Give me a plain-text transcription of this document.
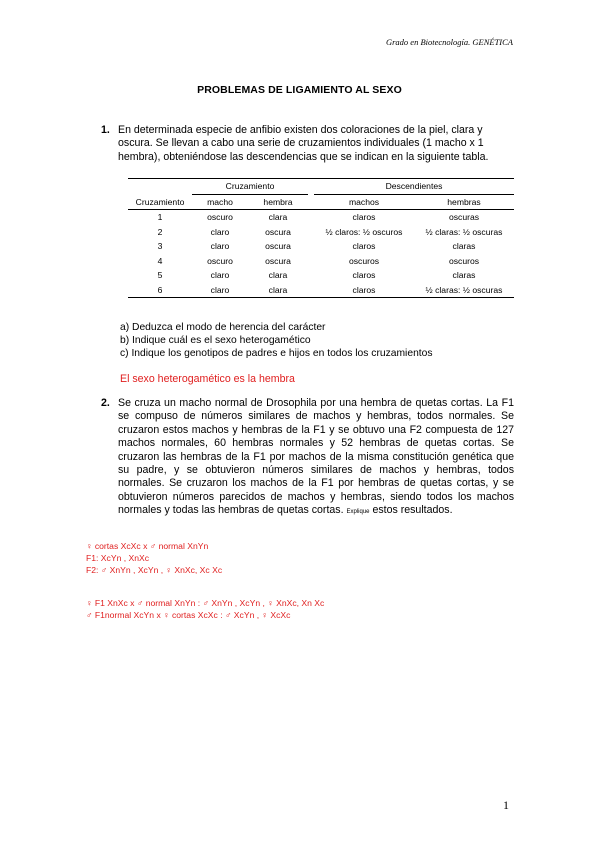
Grado en Biotecnología. GENÉTICA
PROBLEMAS DE LIGAMIENTO AL SEXO
1. En determinada especie de anfibio existen dos coloraciones de la piel, clara y oscura. Se llevan a cabo una serie de cruzamientos individuales (1 macho x 1 hembra), obteniéndose las descendencias que se indican en la siguiente tabla.

	Cruzamiento			Descendientes	
Cruzamiento	macho	hembra		machos	hembras
1	oscuro	clara		claros	oscuras
2	claro	oscura		½ claros: ½ oscuros	½ claras: ½ oscuras
3	claro	oscura		claros	claras
4	oscuro	oscura		oscuros	oscuros
5	claro	clara		claros	claras
6	claro	clara		claros	½ claras: ½ oscuras
a) Deduzca el modo de herencia del carácter
b) Indique cuál es el sexo heterogamético
c) Indique los genotipos de padres e hijos en todos los cruzamientos
El sexo heterogamético es la hembra
2. Se cruza un macho normal de Drosophila por una hembra de quetas cortas. La F1 se compuso de números similares de machos y hembras, todos normales. Se cruzaron estos machos y hembras de la F1 y se obtuvo una F2 compuesta de 127 machos normales, 60 hembras normales y 52 hembras de quetas cortas. Se cruzaron las hembras de la F1 por machos de la misma constitución genética que su padre, y se obtuvieron números similares de machos y hembras, todos normales. Se cruzaron los machos de la F1 por hembras de quetas cortas, y se obtuvieron números parecidos de machos y hembras, siendo todos los machos normales y todas las hembras de quetas cortas. Explique estos resultados.
♀ cortas XcXc x ♂ normal XnYn
F1: XcYn , XnXc
F2: ♂ XnYn , XcYn , ♀ XnXc, Xc Xc
♀ F1 XnXc x ♂ normal XnYn : ♂ XnYn , XcYn , ♀ XnXc, Xn Xc
♂ F1normal XcYn x ♀ cortas XcXc : ♂ XcYn , ♀ XcXc
1
